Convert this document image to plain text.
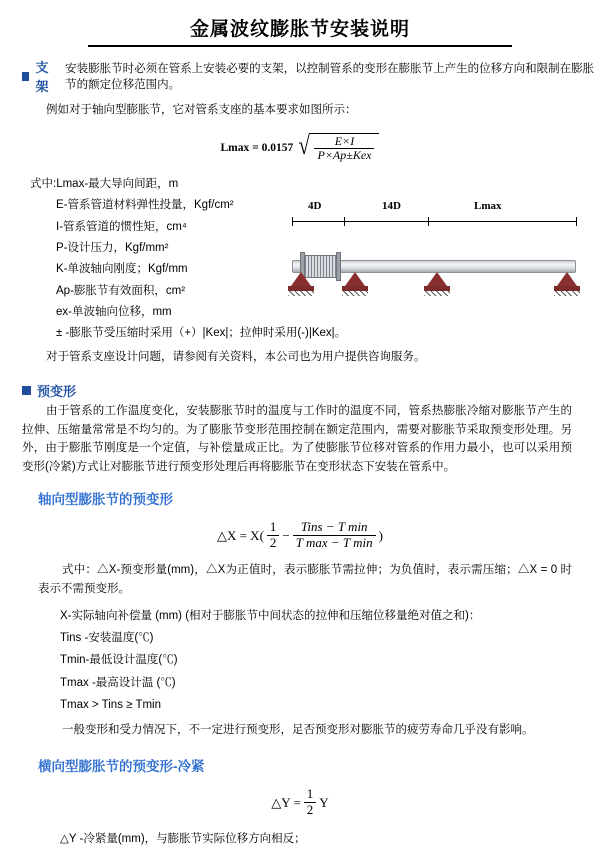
金属波纹膨胀节安装说明
支架
安装膨胀节时必须在管系上安装必要的支架，以控制管系的变形在膨胀节上产生的位移方向和限制在膨胀节的额定位移范围内。
例如对于轴向型膨胀节，它对管系支座的基本要求如图所示：
Lmax = 0.0157 √ $\frac{E\times I}{\text{P×Ap±Kex}}$
式中:Lmax-最大导向间距，m
E-管系管道材料弹性投量，Kgf/cm²
I-管系管道的惯性矩，cm⁴
P-设计压力，Kgf/mm²
K-单波轴向刚度；Kgf/mm
Ap-膨胀节有效面积，cm²
ex-单波轴向位移，mm
± -膨胀节受压缩时采用（+）|Kex|；拉伸时采用(-)|Kex|。
对于管系支座设计问题，请参阅有关资料，本公司也为用户提供咨询服务。
4D	14D	Lmax
预变形
由于管系的工作温度变化，安装膨胀节时的温度与工作时的温度不同，管系热膨胀冷缩对膨胀节产生的拉伸、压缩量常常是不均匀的。为了膨胀节变形范围控制在额定范围内，需要对膨胀节采取预变形处理。另外，由于膨胀节刚度是一个定值，与补偿量成正比。为了使膨胀节位移对管系的作用力最小，也可以采用预变形(冷紧)方式让对膨胀节进行预变形处理后再将膨胀节在变形状态下安装在管系中。
轴向型膨胀节的预变形
△X = $X( \frac{1}{2} - \frac{\text{Tins − T min}}{\text{T max − T min}}$ )
式中：△X-预变形量(mm)，△X为正值时，表示膨胀节需拉伸；为负值时，表示需压缩；△X = 0 时表示不需预变形。
X-实际轴向补偿量 (mm) (相对于膨胀节中间状态的拉伸和压缩位移量绝对值之和)：
Tins -安装温度(℃)
Tmin-最低设计温度(℃)
Tmax -最高设计温 (℃)
Tmax > Tins ≥ Tmin
一般变形和受力情况下，不一定进行预变形，足否预变形对膨胀节的疲劳寿命几乎没有影响。
横向型膨胀节的预变形-冷紧
△Y = $\frac{1}{2}$ Y
△Y -冷紧量(mm)，与膨胀节实际位移方向相反；
